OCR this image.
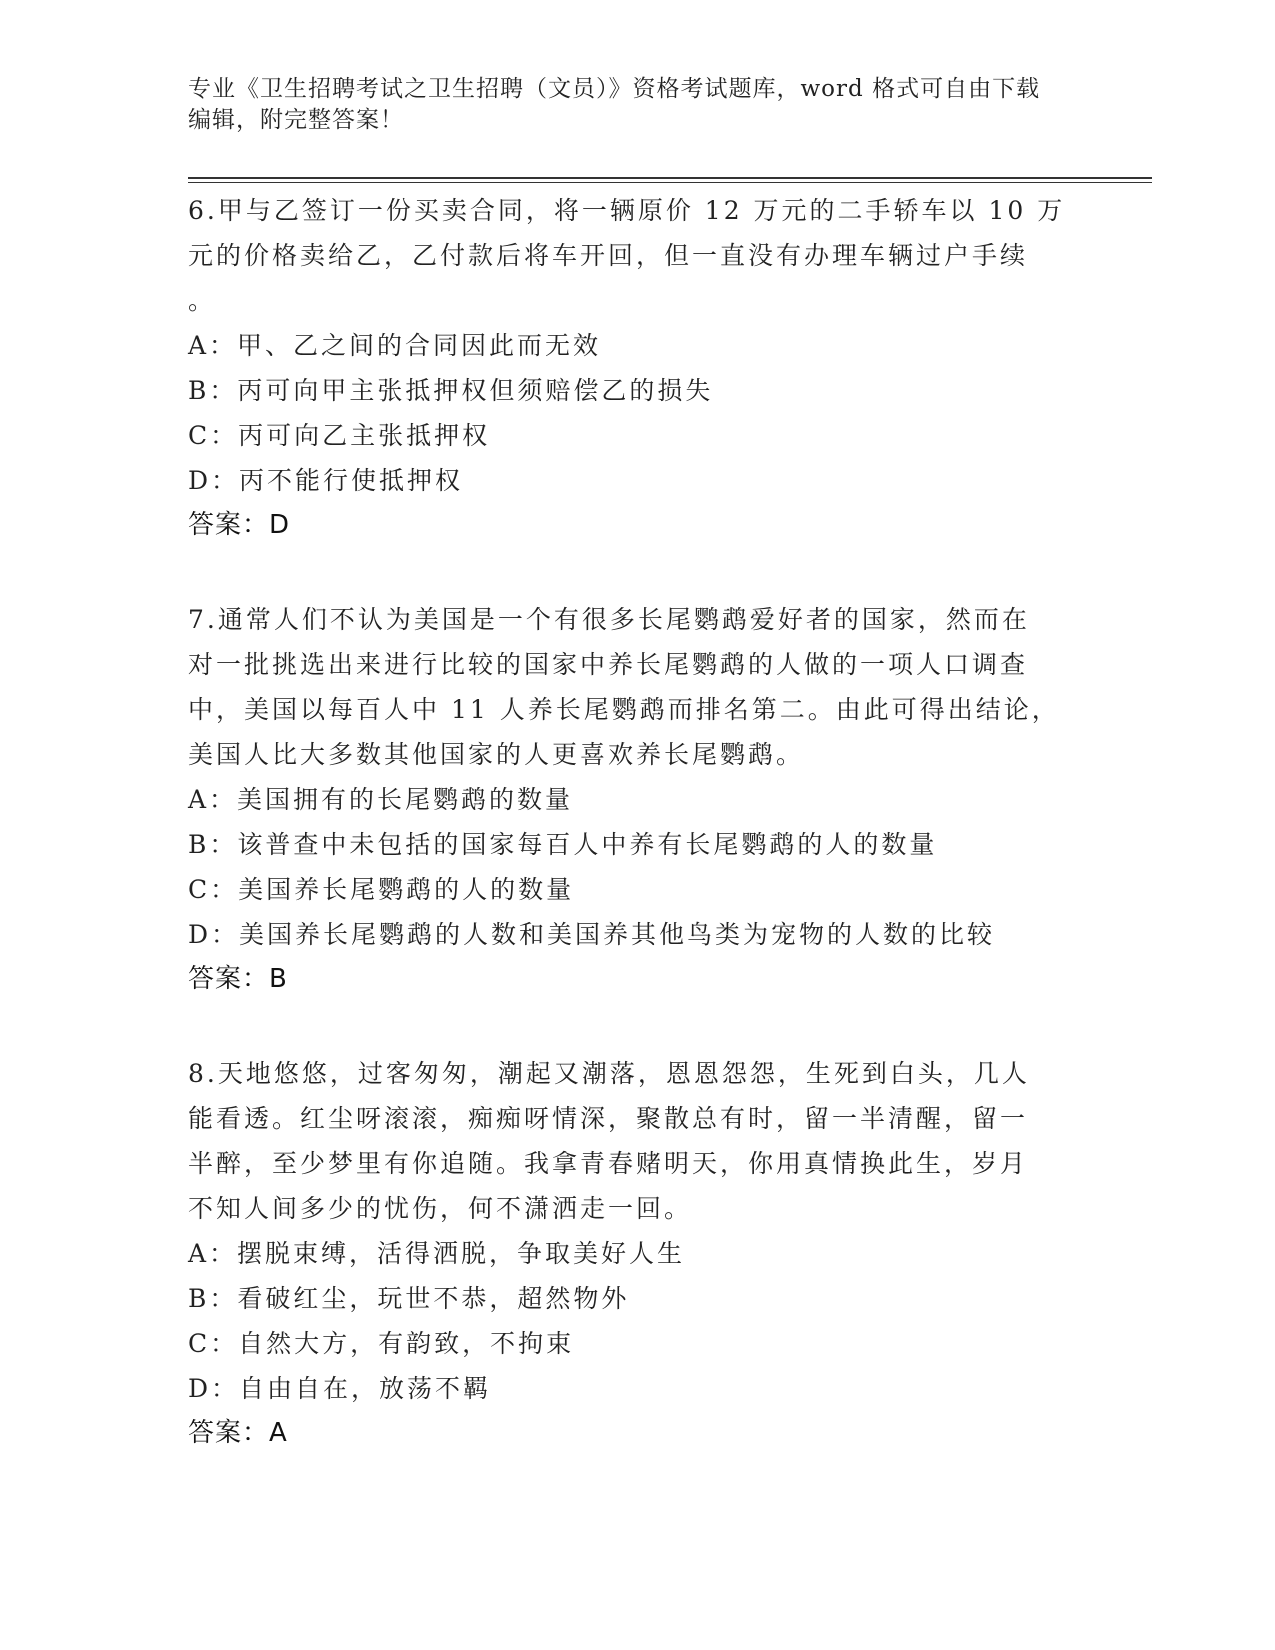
专业《卫生招聘考试之卫生招聘（文员）》资格考试题库，word 格式可自由下载
编辑，附完整答案！

6.甲与乙签订一份买卖合同，将一辆原价 12 万元的二手轿车以 10 万

元的价格卖给乙，乙付款后将车开回，但一直没有办理车辆过户手续

。

A：甲、乙之间的合同因此而无效

B：丙可向甲主张抵押权但须赔偿乙的损失

C：丙可向乙主张抵押权

D：丙不能行使抵押权

答案：D

7.通常人们不认为美国是一个有很多长尾鹦鹉爱好者的国家，然而在

对一批挑选出来进行比较的国家中养长尾鹦鹉的人做的一项人口调查

中，美国以每百人中 11 人养长尾鹦鹉而排名第二。由此可得出结论，

美国人比大多数其他国家的人更喜欢养长尾鹦鹉。

A：美国拥有的长尾鹦鹉的数量

B：该普查中未包括的国家每百人中养有长尾鹦鹉的人的数量

C：美国养长尾鹦鹉的人的数量

D：美国养长尾鹦鹉的人数和美国养其他鸟类为宠物的人数的比较

答案：B

8.天地悠悠，过客匆匆，潮起又潮落，恩恩怨怨，生死到白头，几人

能看透。红尘呀滚滚，痴痴呀情深，聚散总有时，留一半清醒，留一

半醉，至少梦里有你追随。我拿青春赌明天，你用真情换此生，岁月

不知人间多少的忧伤，何不潇洒走一回。

A：摆脱束缚，活得洒脱，争取美好人生

B：看破红尘，玩世不恭，超然物外

C：自然大方，有韵致，不拘束

D：自由自在，放荡不羁

答案：A
